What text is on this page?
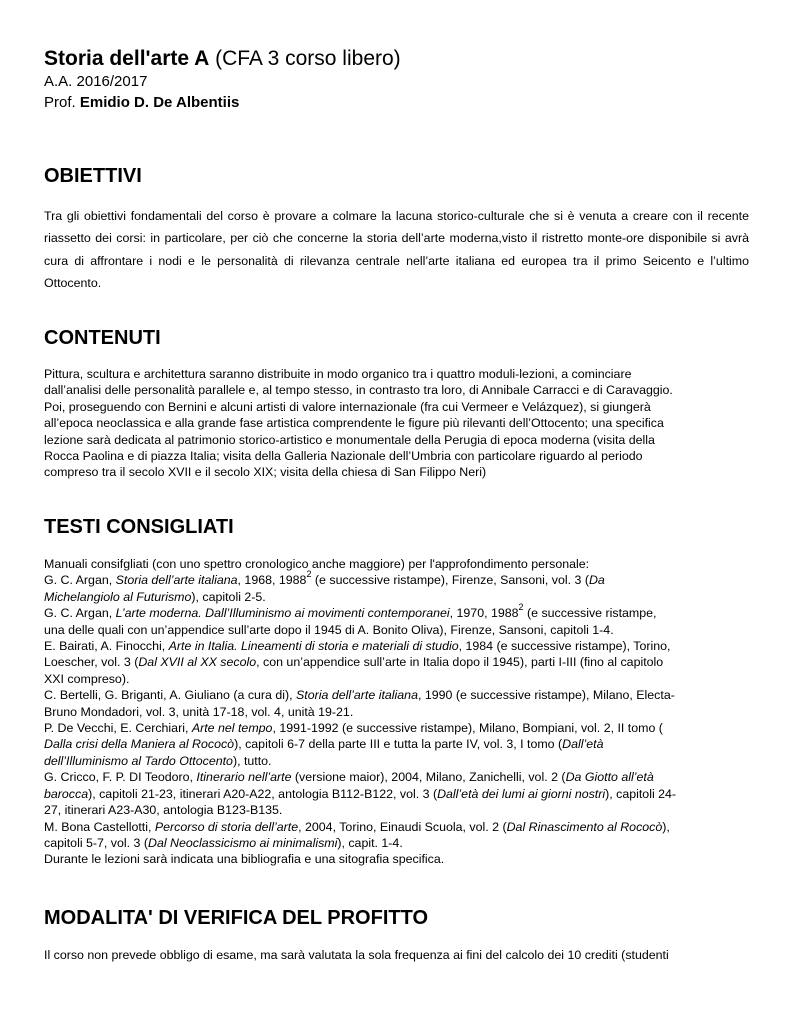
Storia dell'arte A (CFA 3 corso libero)
A.A. 2016/2017
Prof. Emidio D. De Albentiis
OBIETTIVI
Tra gli obiettivi fondamentali del corso è provare a colmare la lacuna storico-culturale che si è venuta a creare con il recente riassetto dei corsi: in particolare, per ciò che concerne la storia dell’arte moderna,visto il ristretto monte-ore disponibile si avrà cura di affrontare i nodi e le personalità di rilevanza centrale nell’arte italiana ed europea tra il primo Seicento e l’ultimo Ottocento.
CONTENUTI
Pittura, scultura e architettura saranno distribuite in modo organico tra i quattro moduli-lezioni, a cominciare
dall’analisi delle personalità parallele e, al tempo stesso, in contrasto tra loro, di Annibale Carracci e di Caravaggio.
Poi, proseguendo con Bernini e alcuni artisti di valore internazionale (fra cui Vermeer e Velázquez), si giungerà
all’epoca neoclassica e alla grande fase artistica comprendente le figure più rilevanti dell’Ottocento; una specifica
lezione sarà dedicata al patrimonio storico-artistico e monumentale della Perugia di epoca moderna (visita della
Rocca Paolina e di piazza Italia; visita della Galleria Nazionale dell’Umbria con particolare riguardo al periodo
compreso tra il secolo XVII e il secolo XIX; visita della chiesa di San Filippo Neri)
TESTI CONSIGLIATI
Manuali consifgliati (con uno spettro cronologico anche maggiore) per l'approfondimento personale:
G. C. Argan, Storia dell’arte italiana, 1968, 1988$^2$ (e successive ristampe), Firenze, Sansoni, vol. 3 (Da
Michelangiolo al Futurismo), capitoli 2-5.
G. C. Argan, L’arte moderna. Dall’Illuminismo ai movimenti contemporanei, 1970, 1988$^2$ (e successive ristampe,
una delle quali con un’appendice sull’arte dopo il 1945 di A. Bonito Oliva), Firenze, Sansoni, capitoli 1-4.
E. Bairati, A. Finocchi, Arte in Italia. Lineamenti di storia e materiali di studio, 1984 (e successive ristampe), Torino,
Loescher, vol. 3 (Dal XVII al XX secolo, con un’appendice sull’arte in Italia dopo il 1945), parti I-III (fino al capitolo
XXI compreso).
C. Bertelli, G. Briganti, A. Giuliano (a cura di), Storia dell’arte italiana, 1990 (e successive ristampe), Milano, Electa-
Bruno Mondadori, vol. 3, unità 17-18, vol. 4, unità 19-21.
P. De Vecchi, E. Cerchiari, Arte nel tempo, 1991-1992 (e successive ristampe), Milano, Bompiani, vol. 2, II tomo (
Dalla crisi della Maniera al Rococò), capitoli 6-7 della parte III e tutta la parte IV, vol. 3, I tomo (Dall’età
dell’Illuminismo al Tardo Ottocento), tutto.
G. Cricco, F. P. DI Teodoro, Itinerario nell’arte (versione maior), 2004, Milano, Zanichelli, vol. 2 (Da Giotto all’età
barocca), capitoli 21-23, itinerari A20-A22, antologia B112-B122, vol. 3 (Dall’età dei lumi ai giorni nostri), capitoli 24-
27, itinerari A23-A30, antologia B123-B135.
M. Bona Castellotti, Percorso di storia dell’arte, 2004, Torino, Einaudi Scuola, vol. 2 (Dal Rinascimento al Rococò),
capitoli 5-7, vol. 3 (Dal Neoclassicismo ai minimalismi), capit. 1-4.
Durante le lezioni sarà indicata una bibliografia e una sitografia specifica.
MODALITA' DI VERIFICA DEL PROFITTO
Il corso non prevede obbligo di esame, ma sarà valutata la sola frequenza ai fini del calcolo dei 10 crediti (studenti
